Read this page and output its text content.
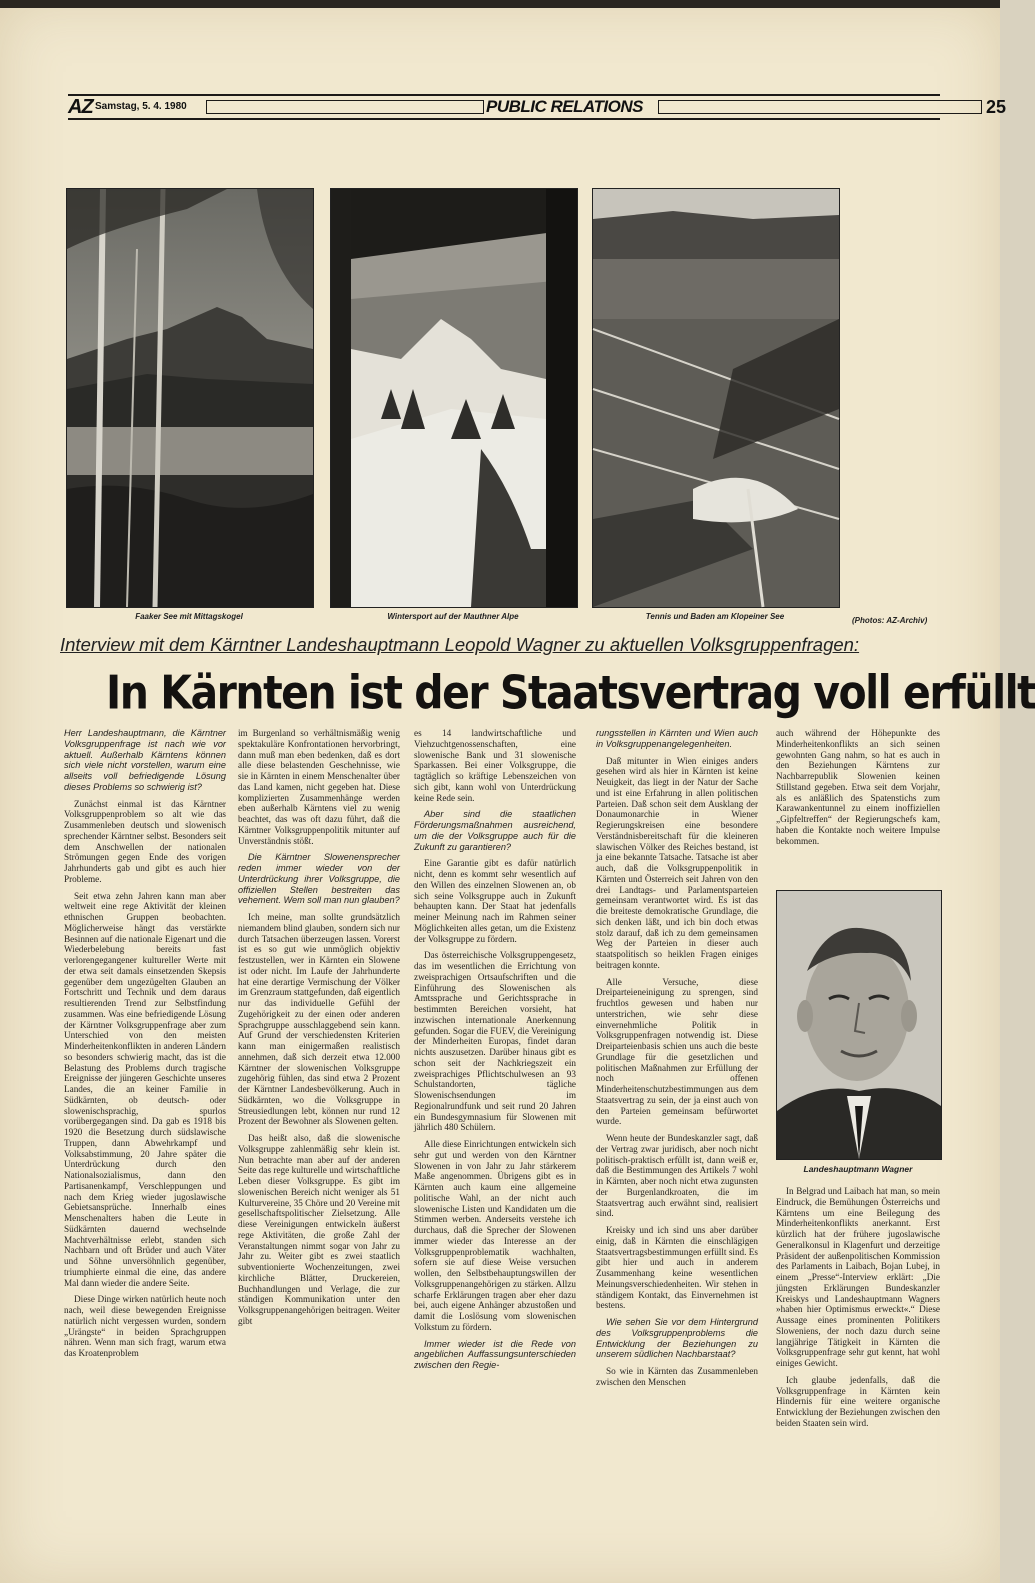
AZ Samstag, 5. 4. 1980	PUBLIC RELATIONS	25
Faaker See mit Mittagskogel	Wintersport auf der Mauthner Alpe	Tennis und Baden am Klopeiner See	(Photos: AZ-Archiv)
Interview mit dem Kärntner Landeshauptmann Leopold Wagner zu aktuellen Volksgruppenfragen:
In Kärnten ist der Staatsvertrag voll erfüllt

Herr Landeshauptmann, die Kärntner Volksgruppenfrage ist nach wie vor aktuell. Außerhalb Kärntens können sich viele nicht vorstellen, warum eine allseits voll befriedigende Lösung dieses Problems so schwierig ist?

Zunächst einmal ist das Kärntner Volksgruppenproblem so alt wie das Zusammenleben deutsch und slowenisch sprechender Kärntner selbst. Besonders seit dem Anschwellen der nationalen Strömungen gegen Ende des vorigen Jahrhunderts gab und gibt es auch hier Probleme.

Seit etwa zehn Jahren kann man aber weltweit eine rege Aktivität der kleinen ethnischen Gruppen beobachten. Möglicherweise hängt das verstärkte Besinnen auf die nationale Eigenart und die Wiederbelebung bereits fast verlorengegangener kultureller Werte mit der etwa seit damals einsetzenden Skepsis gegenüber dem ungezügelten Glauben an Fortschritt und Technik und dem daraus resultierenden Trend zur Selbstfindung zusammen. Was eine befriedigende Lösung der Kärntner Volksgruppenfrage aber zum Unterschied von den meisten Minderheitenkonflikten in anderen Ländern so besonders schwierig macht, das ist die Belastung des Problems durch tragische Ereignisse der jüngeren Geschichte unseres Landes, die an keiner Familie in Südkärnten, ob deutsch- oder slowenischsprachig, spurlos vorübergegangen sind. Da gab es 1918 bis 1920 die Besetzung durch südslawische Truppen, dann Abwehrkampf und Volksabstimmung, 20 Jahre später die Unterdrückung durch den Nationalsozialismus, dann den Partisanenkampf, Verschleppungen und nach dem Krieg wieder jugoslawische Gebietsansprüche. Innerhalb eines Menschenalters haben die Leute in Südkärnten dauernd wechselnde Machtverhältnisse erlebt, standen sich Nachbarn und oft Brüder und auch Väter und Söhne unversöhnlich gegenüber, triumphierte einmal die eine, das andere Mal dann wieder die andere Seite.

Diese Dinge wirken natürlich heute noch nach, weil diese bewegenden Ereignisse natürlich nicht vergessen wurden, sondern „Urängste“ in beiden Sprachgruppen nähren. Wenn man sich fragt, warum etwa das Kroatenproblem

im Burgenland so verhältnismäßig wenig spektakuläre Konfrontationen hervorbringt, dann muß man eben bedenken, daß es dort alle diese belastenden Geschehnisse, wie sie in Kärnten in einem Menschenalter über das Land kamen, nicht gegeben hat. Diese komplizierten Zusammenhänge werden eben außerhalb Kärntens viel zu wenig beachtet, das was oft dazu führt, daß die Kärntner Volksgruppenpolitik mitunter auf Unverständnis stößt.

Die Kärntner Slowenensprecher reden immer wieder von der Unterdrückung ihrer Volksgruppe, die offiziellen Stellen bestreiten das vehement. Wem soll man nun glauben?

Ich meine, man sollte grundsätzlich niemandem blind glauben, sondern sich nur durch Tatsachen überzeugen lassen. Vorerst ist es so gut wie unmöglich objektiv festzustellen, wer in Kärnten ein Slowene ist oder nicht. Im Laufe der Jahrhunderte hat eine derartige Vermischung der Völker im Grenzraum stattgefunden, daß eigentlich nur das individuelle Gefühl der Zugehörigkeit zu der einen oder anderen Sprachgruppe ausschlaggebend sein kann. Auf Grund der verschiedensten Kriterien kann man einigermaßen realistisch annehmen, daß sich derzeit etwa 12.000 Kärntner der slowenischen Volksgruppe zugehörig fühlen, das sind etwa 2 Prozent der Kärntner Landesbevölkerung. Auch in Südkärnten, wo die Volksgruppe in Streusiedlungen lebt, können nur rund 12 Prozent der Bewohner als Slowenen gelten.

Das heißt also, daß die slowenische Volksgruppe zahlenmäßig sehr klein ist. Nun betrachte man aber auf der anderen Seite das rege kulturelle und wirtschaftliche Leben dieser Volksgruppe. Es gibt im slowenischen Bereich nicht weniger als 51 Kulturvereine, 35 Chöre und 20 Vereine mit gesellschaftspolitischer Zielsetzung. Alle diese Vereinigungen entwickeln äußerst rege Aktivitäten, die große Zahl der Veranstaltungen nimmt sogar von Jahr zu Jahr zu. Weiter gibt es zwei staatlich subventionierte Wochenzeitungen, zwei kirchliche Blätter, Druckereien, Buchhandlungen und Verlage, die zur ständigen Kommunikation unter den Volksgruppenangehörigen beitragen. Weiter gibt

es 14 landwirtschaftliche und Viehzuchtgenossenschaften, eine slowenische Bank und 31 slowenische Sparkassen. Bei einer Volksgruppe, die tagtäglich so kräftige Lebenszeichen von sich gibt, kann wohl von Unterdrückung keine Rede sein.

Aber sind die staatlichen Förderungsmaßnahmen ausreichend, um die der Volksgruppe auch für die Zukunft zu garantieren?

Eine Garantie gibt es dafür natürlich nicht, denn es kommt sehr wesentlich auf den Willen des einzelnen Slowenen an, ob sich seine Volksgruppe auch in Zukunft behaupten kann. Der Staat hat jedenfalls meiner Meinung nach im Rahmen seiner Möglichkeiten alles getan, um die Existenz der Volksgruppe zu fördern.

Das österreichische Volksgruppengesetz, das im wesentlichen die Errichtung von zweisprachigen Ortsaufschriften und die Einführung des Slowenischen als Amtssprache und Gerichtssprache in bestimmten Bereichen vorsieht, hat inzwischen internationale Anerkennung gefunden. Sogar die FUEV, die Vereinigung der Minderheiten Europas, findet daran nichts auszusetzen. Darüber hinaus gibt es schon seit der Nachkriegszeit ein zweisprachiges Pflichtschulwesen an 93 Schulstandorten, tägliche Slowenischsendungen im Regionalrundfunk und seit rund 20 Jahren ein Bundesgymnasium für Slowenen mit jährlich 480 Schülern.

Alle diese Einrichtungen entwickeln sich sehr gut und werden von den Kärntner Slowenen in von Jahr zu Jahr stärkerem Maße angenommen. Übrigens gibt es in Kärnten auch kaum eine allgemeine politische Wahl, an der nicht auch slowenische Listen und Kandidaten um die Stimmen werben. Anderseits verstehe ich durchaus, daß die Sprecher der Slowenen immer wieder das Interesse an der Volksgruppenproblematik wachhalten, sofern sie auf diese Weise versuchen wollen, den Selbstbehauptungswillen der Volksgruppenangehörigen zu stärken. Allzu scharfe Erklärungen tragen aber eher dazu bei, auch eigene Anhänger abzustoßen und damit die Loslösung vom slowenischen Volkstum zu fördern.

Immer wieder ist die Rede von angeblichen Auffassungsunterschieden zwischen den Regie-

rungsstellen in Kärnten und Wien auch in Volksgruppenangelegenheiten.

Daß mitunter in Wien einiges anders gesehen wird als hier in Kärnten ist keine Neuigkeit, das liegt in der Natur der Sache und ist eine Erfahrung in allen politischen Parteien. Daß schon seit dem Ausklang der Donaumonarchie in Wiener Regierungskreisen eine besondere Verständnisbereitschaft für die kleineren slawischen Völker des Reiches bestand, ist ja eine bekannte Tatsache. Tatsache ist aber auch, daß die Volksgruppenpolitik in Kärnten und Österreich seit Jahren von den drei Landtags- und Parlamentsparteien gemeinsam verantwortet wird. Es ist das die breiteste demokratische Grundlage, die sich denken läßt, und ich bin doch etwas stolz darauf, daß ich zu dem gemeinsamen Weg der Parteien in dieser auch staatspolitisch so heiklen Fragen einiges beitragen konnte.

Alle Versuche, diese Dreiparteieneinigung zu sprengen, sind fruchtlos gewesen und haben nur unterstrichen, wie sehr diese einvernehmliche Politik in Volksgruppenfragen notwendig ist. Diese Dreiparteienbasis schien uns auch die beste Grundlage für die gesetzlichen und politischen Maßnahmen zur Erfüllung der noch offenen Minderheitenschutzbestimmungen aus dem Staatsvertrag zu sein, der ja einst auch von den Parteien gemeinsam befürwortet wurde.

Wenn heute der Bundeskanzler sagt, daß der Vertrag zwar juridisch, aber noch nicht politisch-praktisch erfüllt ist, dann weiß er, daß die Bestimmungen des Artikels 7 wohl in Kärnten, aber noch nicht etwa zugunsten der Burgenlandkroaten, die im Staatsvertrag auch erwähnt sind, realisiert sind.

Kreisky und ich sind uns aber darüber einig, daß in Kärnten die einschlägigen Staatsvertragsbestimmungen erfüllt sind. Es gibt hier und auch in anderem Zusammenhang keine wesentlichen Meinungsverschiedenheiten. Wir stehen in ständigem Kontakt, das Einvernehmen ist bestens.

Wie sehen Sie vor dem Hintergrund des Volksgruppenproblems die Entwicklung der Beziehungen zu unserem südlichen Nachbarstaat?

So wie in Kärnten das Zusammenleben zwischen den Menschen

auch während der Höhepunkte des Minderheitenkonflikts an sich seinen gewohnten Gang nahm, so hat es auch in den Beziehungen Kärntens zur Nachbarrepublik Slowenien keinen Stillstand gegeben. Etwa seit dem Vorjahr, als es anläßlich des Spatenstichs zum Karawankentunnel zu einem inoffiziellen „Gipfeltreffen“ der Regierungschefs kam, haben die Kontakte noch weitere Impulse bekommen.

Landeshauptmann Wagner

In Belgrad und Laibach hat man, so mein Eindruck, die Bemühungen Österreichs und Kärntens um eine Beilegung des Minderheitenkonflikts anerkannt. Erst kürzlich hat der frühere jugoslawische Generalkonsul in Klagenfurt und derzeitige Präsident der außenpolitischen Kommission des Parlaments in Laibach, Bojan Lubej, in einem „Presse“-Interview erklärt: „Die jüngsten Erklärungen Bundeskanzler Kreiskys und Landeshauptmann Wagners »haben hier Optimismus erweckt«.“ Diese Aussage eines prominenten Politikers Sloweniens, der noch dazu durch seine langjährige Tätigkeit in Kärnten die Volksgruppenfrage sehr gut kennt, hat wohl einiges Gewicht.

Ich glaube jedenfalls, daß die Volksgruppenfrage in Kärnten kein Hindernis für eine weitere organische Entwicklung der Beziehungen zwischen den beiden Staaten sein wird.
